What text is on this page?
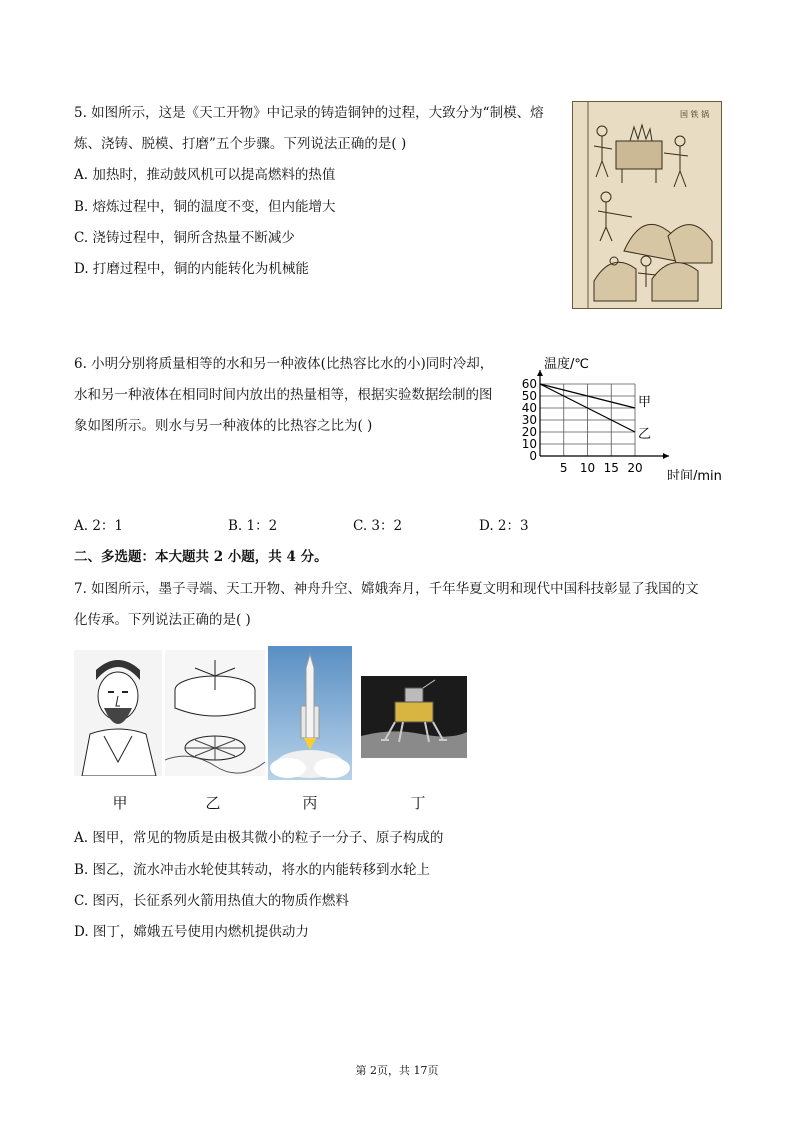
5. 如图所示，这是《天工开物》中记录的铸造铜钟的过程，大致分为“制模、熔
炼、浇铸、脱模、打磨”五个步骤。下列说法正确的是( )
A. 加热时，推动鼓风机可以提高燃料的热值
B. 熔炼过程中，铜的温度不变，但内能增大
C. 浇铸过程中，铜所含热量不断减少
D. 打磨过程中，铜的内能转化为机械能
国 铁 锅
6. 小明分别将质量相等的水和另一种液体(比热容比水的小)同时冷却，
水和另一种液体在相同时间内放出的热量相等，根据实验数据绘制的图
象如图所示。则水与另一种液体的比热容之比为( )
0
10
20
30
40
50
60
5 10 15 20
温度/℃
时间/min
甲
乙
A. 2：1	B. 1：2	C. 3：2	D. 2：3
二、多选题：本大题共 2 小题，共 4 分。
7. 如图所示，墨子寻端、天工开物、神舟升空、嫦娥奔月，千年华夏文明和现代中国科技彰显了我国的文
化传承。下列说法正确的是( )
甲	乙	丙	丁
A. 图甲，常见的物质是由极其微小的粒子一分子、原子构成的
B. 图乙，流水冲击水轮使其转动，将水的内能转移到水轮上
C. 图丙，长征系列火箭用热值大的物质作燃料
D. 图丁，嫦娥五号使用内燃机提供动力
第 2页，共 17页
